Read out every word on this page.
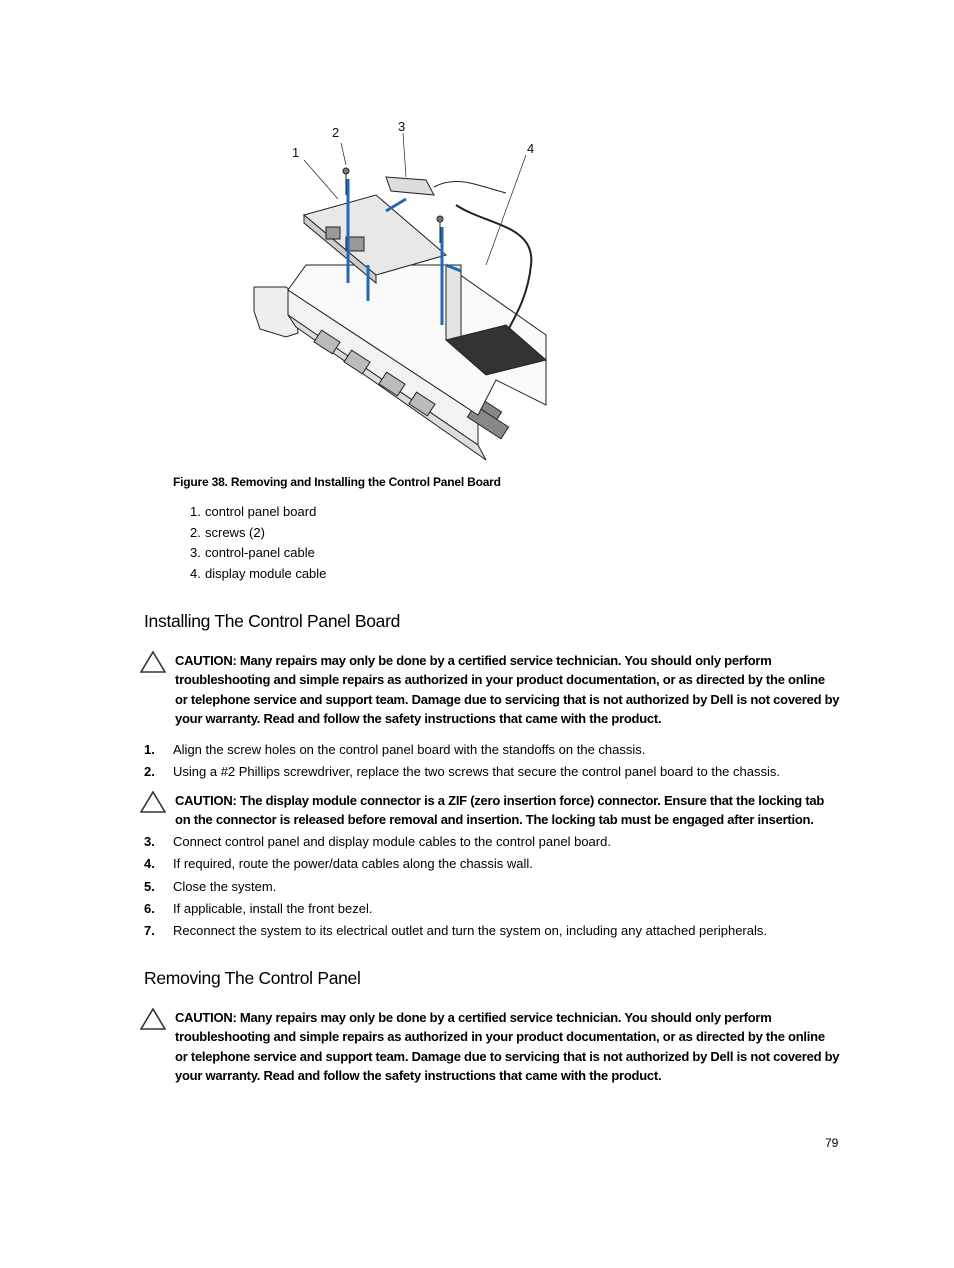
1
2	3
4
Figure 38. Removing and Installing the Control Panel Board
1. control panel board
2. screws (2)
3. control-panel cable
4. display module cable
Installing The Control Panel Board

CAUTION: Many repairs may only be done by a certified service technician. You should only perform troubleshooting and simple repairs as authorized in your product documentation, or as directed by the online or telephone service and support team. Damage due to servicing that is not authorized by Dell is not covered by your warranty. Read and follow the safety instructions that came with the product.

1. Align the screw holes on the control panel board with the standoffs on the chassis.
2. Using a #2 Phillips screwdriver, replace the two screws that secure the control panel board to the chassis.

CAUTION: The display module connector is a ZIF (zero insertion force) connector. Ensure that the locking tab on the connector is released before removal and insertion. The locking tab must be engaged after insertion.

3. Connect control panel and display module cables to the control panel board.
4. If required, route the power/data cables along the chassis wall.
5. Close the system.
6. If applicable, install the front bezel.
7. Reconnect the system to its electrical outlet and turn the system on, including any attached peripherals.
Removing The Control Panel

CAUTION: Many repairs may only be done by a certified service technician. You should only perform troubleshooting and simple repairs as authorized in your product documentation, or as directed by the online or telephone service and support team. Damage due to servicing that is not authorized by Dell is not covered by your warranty. Read and follow the safety instructions that came with the product.

79
